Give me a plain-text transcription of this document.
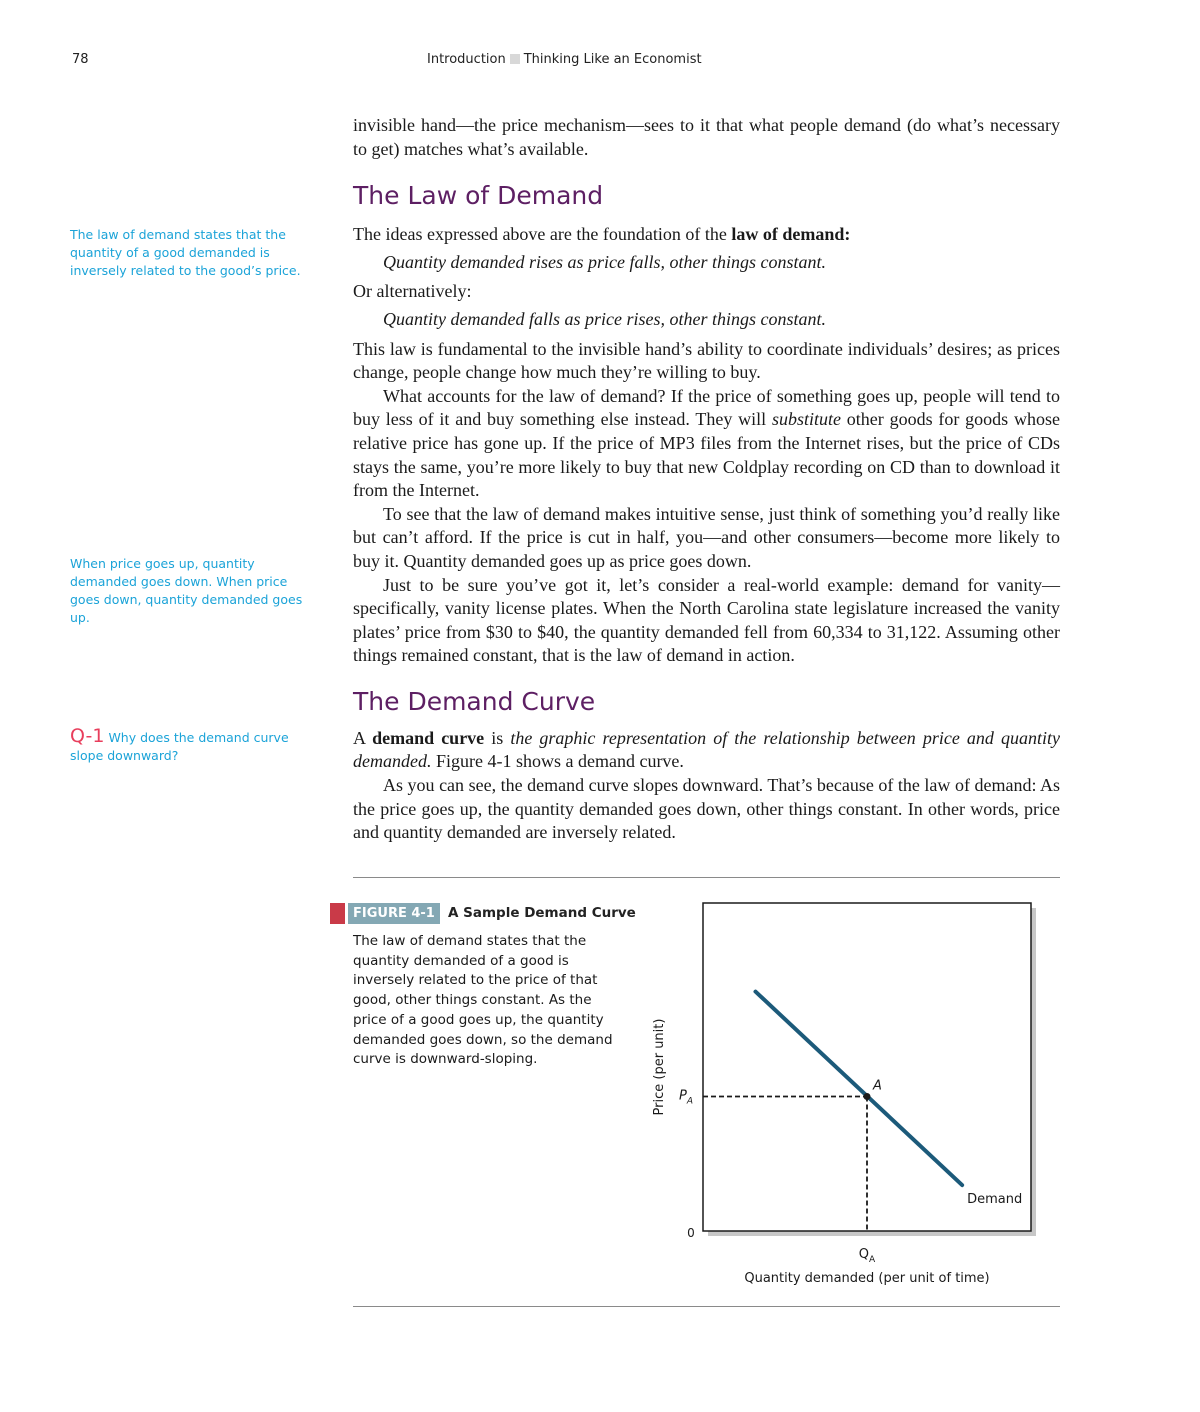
78	Introduction Thinking Like an Economist

invisible hand—the price mechanism—sees to it that what people demand (do what’s necessary to get) matches what’s available.

The Law of Demand

The ideas expressed above are the foundation of the law of demand:

Quantity demanded rises as price falls, other things constant.

Or alternatively:

Quantity demanded falls as price rises, other things constant.

This law is fundamental to the invisible hand’s ability to coordinate individuals’ desires; as prices change, people change how much they’re willing to buy.

What accounts for the law of demand? If the price of something goes up, people will tend to buy less of it and buy something else instead. They will substitute other goods for goods whose relative price has gone up. If the price of MP3 files from the Internet rises, but the price of CDs stays the same, you’re more likely to buy that new Coldplay recording on CD than to download it from the Internet.

To see that the law of demand makes intuitive sense, just think of something you’d really like but can’t afford. If the price is cut in half, you—and other consumers—become more likely to buy it. Quantity demanded goes up as price goes down.

Just to be sure you’ve got it, let’s consider a real-world example: demand for vanity—specifically, vanity license plates. When the North Carolina state legislature increased the vanity plates’ price from $30 to $40, the quantity demanded fell from 60,334 to 31,122. Assuming other things remained constant, that is the law of demand in action.

The Demand Curve

A demand curve is the graphic representation of the relationship between price and quantity demanded. Figure 4-1 shows a demand curve.

As you can see, the demand curve slopes downward. That’s because of the law of demand: As the price goes up, the quantity demanded goes down, other things constant. In other words, price and quantity demanded are inversely related.

The law of demand states that the quantity of a good demanded is inversely related to the good’s price.
When price goes up, quantity demanded goes down. When price goes down, quantity demanded goes up.
Q-1 Why does the demand curve slope downward?
FIGURE 4-1 A Sample Demand Curve
The law of demand states that the quantity demanded of a good is inversely related to the price of that good, other things constant. As the price of a good goes up, the quantity demanded goes down, so the demand curve is downward-sloping.
A
$P_A$
$Q_A$
Demand
0
Quantity demanded (per unit of time)
Price (per unit)
